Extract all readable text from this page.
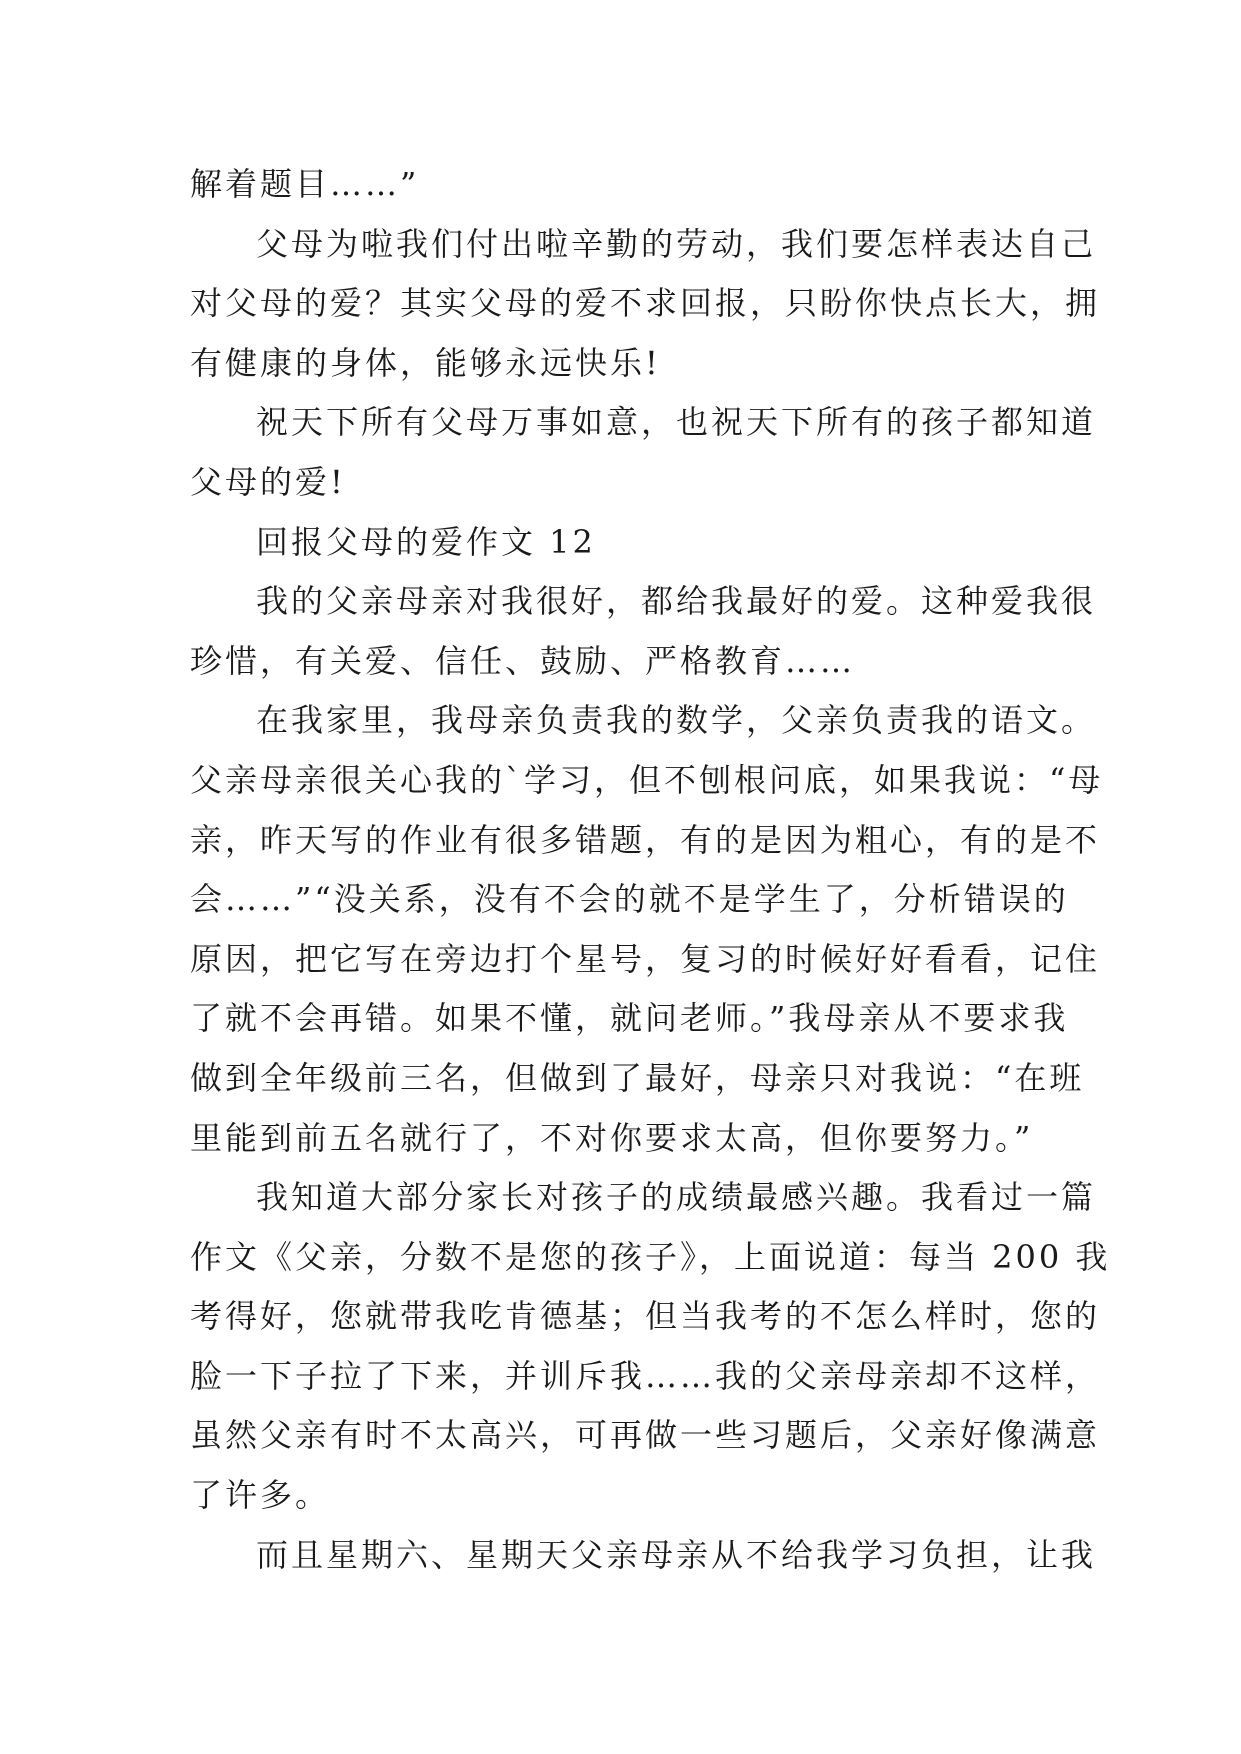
解着题目……”
父母为啦我们付出啦辛勤的劳动，我们要怎样表达自己
对父母的爱？其实父母的爱不求回报，只盼你快点长大，拥
有健康的身体，能够永远快乐!
祝天下所有父母万事如意，也祝天下所有的孩子都知道
父母的爱!
回报父母的爱作文 12
我的父亲母亲对我很好，都给我最好的爱。这种爱我很
珍惜，有关爱、信任、鼓励、严格教育……
在我家里，我母亲负责我的数学，父亲负责我的语文。
父亲母亲很关心我的`学习，但不刨根问底，如果我说：“母
亲，昨天写的作业有很多错题，有的是因为粗心，有的是不
会……”“没关系，没有不会的就不是学生了，分析错误的
原因，把它写在旁边打个星号，复习的时候好好看看，记住
了就不会再错。如果不懂，就问老师。”我母亲从不要求我
做到全年级前三名，但做到了最好，母亲只对我说：“在班
里能到前五名就行了，不对你要求太高，但你要努力。”
我知道大部分家长对孩子的成绩最感兴趣。我看过一篇
作文《父亲，分数不是您的孩子》，上面说道：每当 200 我
考得好，您就带我吃肯德基；但当我考的不怎么样时，您的
脸一下子拉了下来，并训斥我……我的父亲母亲却不这样，
虽然父亲有时不太高兴，可再做一些习题后，父亲好像满意
了许多。
而且星期六、星期天父亲母亲从不给我学习负担，让我
